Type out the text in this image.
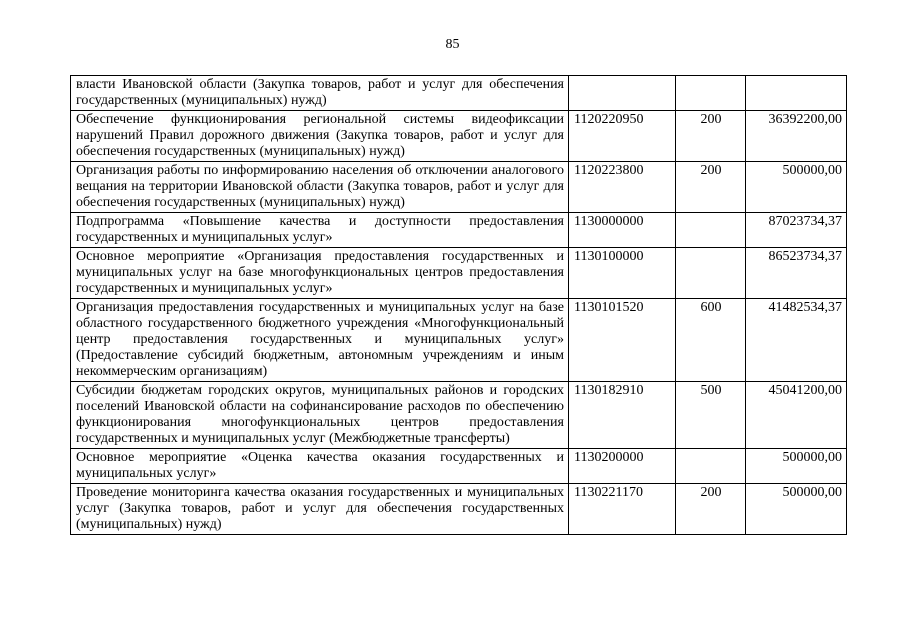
85
власти Ивановской области (Закупка товаров, работ и услуг для обеспечения государственных (муниципальных) нужд)			
Обеспечение функционирования региональной системы видеофиксации нарушений Правил дорожного движения (Закупка товаров, работ и услуг для обеспечения государственных (муниципальных) нужд)	1120220950	200	36392200,00
Организация работы по информированию населения об отключении аналогового вещания на территории Ивановской области (Закупка товаров, работ и услуг для обеспечения государственных (муниципальных) нужд)	1120223800	200	500000,00
Подпрограмма «Повышение качества и доступности предоставления государственных и муниципальных услуг»	1130000000		87023734,37
Основное мероприятие «Организация предоставления государственных и муниципальных услуг на базе многофункциональных центров предоставления государственных и муниципальных услуг»	1130100000		86523734,37
Организация предоставления государственных и муниципальных услуг на базе областного государственного бюджетного учреждения «Многофункциональный центр предоставления государственных и муниципальных услуг» (Предоставление субсидий бюджетным, автономным учреждениям и иным некоммерческим организациям)	1130101520	600	41482534,37
Субсидии бюджетам городских округов, муниципальных районов и городских поселений Ивановской области на софинансирование расходов по обеспечению функционирования многофункциональных центров предоставления государственных и муниципальных услуг (Межбюджетные трансферты)	1130182910	500	45041200,00
Основное мероприятие «Оценка качества оказания государственных и муниципальных услуг»	1130200000		500000,00
Проведение мониторинга качества оказания государственных и муниципальных услуг (Закупка товаров, работ и услуг для обеспечения государственных (муниципальных) нужд)	1130221170	200	500000,00
